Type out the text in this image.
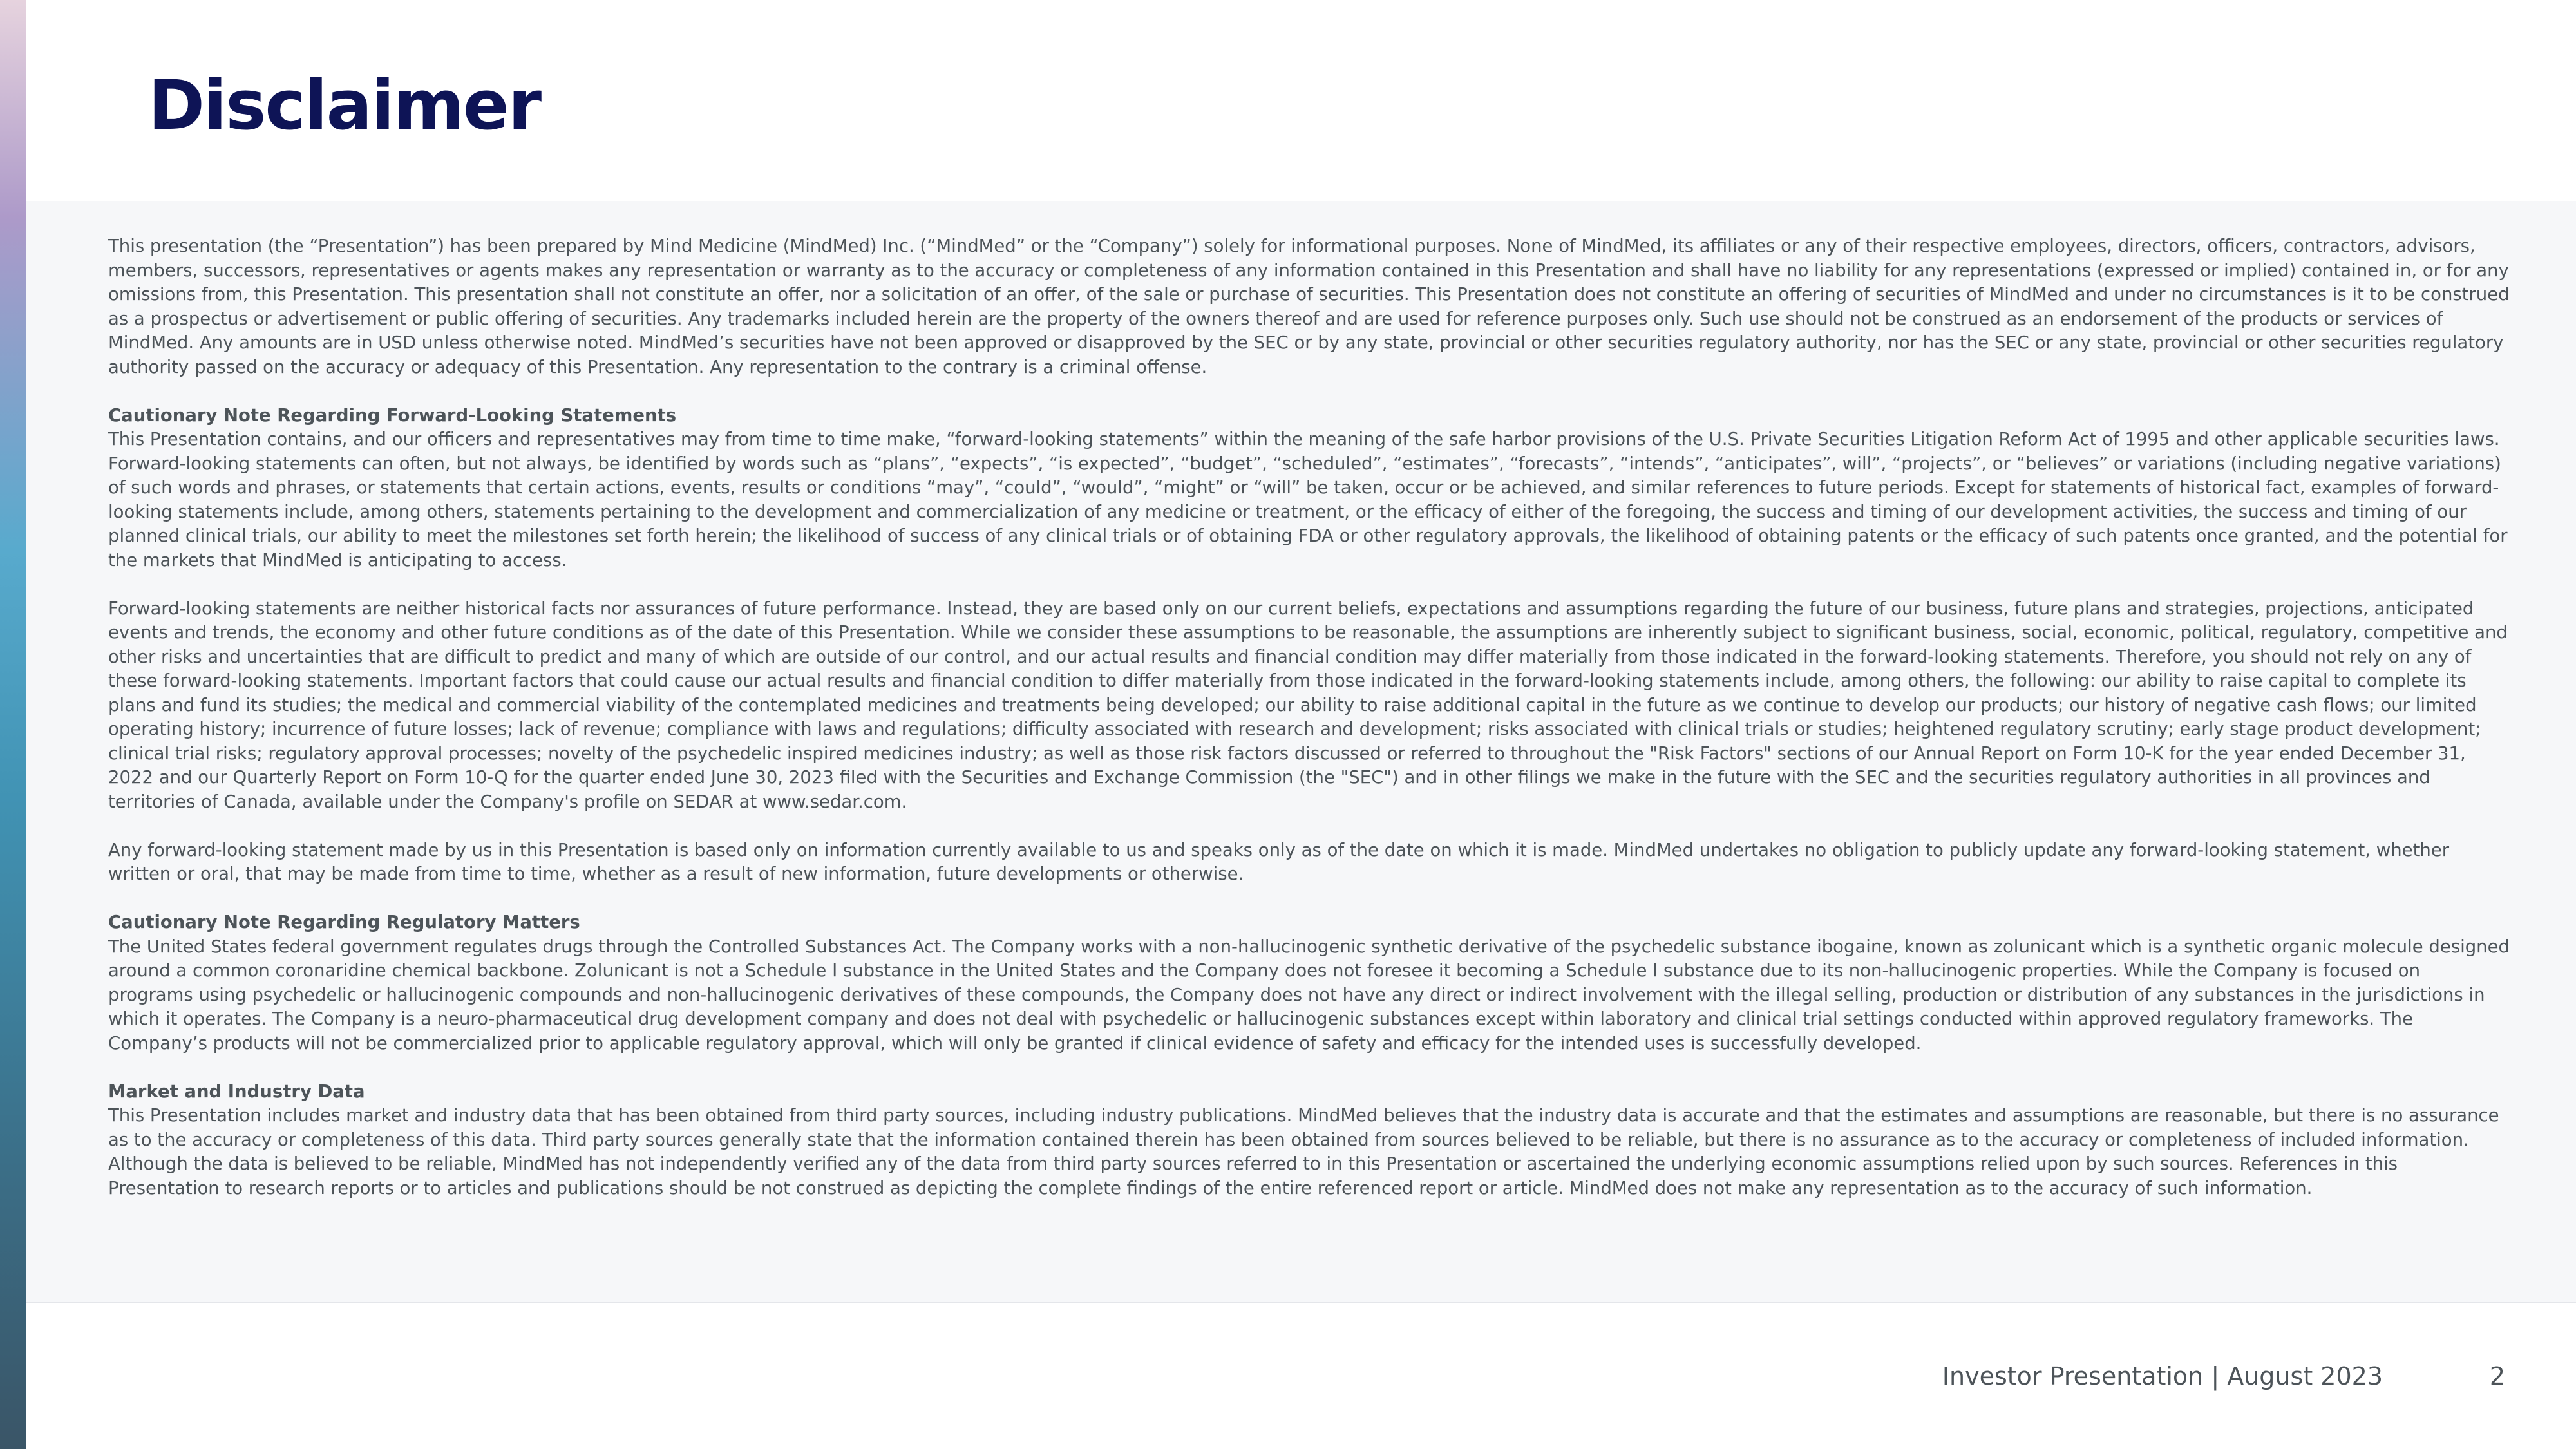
Disclaimer

This presentation (the “Presentation”) has been prepared by Mind Medicine (MindMed) Inc. (“MindMed” or the “Company”) solely for informational purposes. None of MindMed, its affiliates or any of their respective employees, directors, officers, contractors, advisors, members, successors, representatives or agents makes any representation or warranty as to the accuracy or completeness of any information contained in this Presentation and shall have no liability for any representations (expressed or implied) contained in, or for any omissions from, this Presentation. This presentation shall not constitute an offer, nor a solicitation of an offer, of the sale or purchase of securities. This Presentation does not constitute an offering of securities of MindMed and under no circumstances is it to be construed as a prospectus or advertisement or public offering of securities. Any trademarks included herein are the property of the owners thereof and are used for reference purposes only. Such use should not be construed as an endorsement of the products or services of MindMed. Any amounts are in USD unless otherwise noted. MindMed’s securities have not been approved or disapproved by the SEC or by any state, provincial or other securities regulatory authority, nor has the SEC or any state, provincial or other securities regulatory authority passed on the accuracy or adequacy of this Presentation. Any representation to the contrary is a criminal offense.

Cautionary Note Regarding Forward-Looking Statements
This Presentation contains, and our officers and representatives may from time to time make, “forward-looking statements” within the meaning of the safe harbor provisions of the U.S. Private Securities Litigation Reform Act of 1995 and other applicable securities laws. Forward-looking statements can often, but not always, be identified by words such as “plans”, “expects”, “is expected”, “budget”, “scheduled”, “estimates”, “forecasts”, “intends”, “anticipates”, will”, “projects”, or “believes” or variations (including negative variations) of such words and phrases, or statements that certain actions, events, results or conditions “may”, “could”, “would”, “might” or “will” be taken, occur or be achieved, and similar references to future periods. Except for statements of historical fact, examples of forward-looking statements include, among others, statements pertaining to the development and commercialization of any medicine or treatment, or the efficacy of either of the foregoing, the success and timing of our development activities, the success and timing of our planned clinical trials, our ability to meet the milestones set forth herein; the likelihood of success of any clinical trials or of obtaining FDA or other regulatory approvals, the likelihood of obtaining patents or the efficacy of such patents once granted, and the potential for the markets that MindMed is anticipating to access.

Forward-looking statements are neither historical facts nor assurances of future performance. Instead, they are based only on our current beliefs, expectations and assumptions regarding the future of our business, future plans and strategies, projections, anticipated events and trends, the economy and other future conditions as of the date of this Presentation. While we consider these assumptions to be reasonable, the assumptions are inherently subject to significant business, social, economic, political, regulatory, competitive and other risks and uncertainties that are difficult to predict and many of which are outside of our control, and our actual results and financial condition may differ materially from those indicated in the forward-looking statements. Therefore, you should not rely on any of these forward-looking statements. Important factors that could cause our actual results and financial condition to differ materially from those indicated in the forward-looking statements include, among others, the following: our ability to raise capital to complete its plans and fund its studies; the medical and commercial viability of the contemplated medicines and treatments being developed; our ability to raise additional capital in the future as we continue to develop our products; our history of negative cash flows; our limited operating history; incurrence of future losses; lack of revenue; compliance with laws and regulations; difficulty associated with research and development; risks associated with clinical trials or studies; heightened regulatory scrutiny; early stage product development; clinical trial risks; regulatory approval processes; novelty of the psychedelic inspired medicines industry; as well as those risk factors discussed or referred to throughout the "Risk Factors" sections of our Annual Report on Form 10-K for the year ended December 31, 2022 and our Quarterly Report on Form 10-Q for the quarter ended June 30, 2023 filed with the Securities and Exchange Commission (the "SEC") and in other filings we make in the future with the SEC and the securities regulatory authorities in all provinces and territories of Canada, available under the Company's profile on SEDAR at www.sedar.com.

Any forward-looking statement made by us in this Presentation is based only on information currently available to us and speaks only as of the date on which it is made. MindMed undertakes no obligation to publicly update any forward-looking statement, whether written or oral, that may be made from time to time, whether as a result of new information, future developments or otherwise.

Cautionary Note Regarding Regulatory Matters
The United States federal government regulates drugs through the Controlled Substances Act. The Company works with a non-hallucinogenic synthetic derivative of the psychedelic substance ibogaine, known as zolunicant which is a synthetic organic molecule designed around a common coronaridine chemical backbone. Zolunicant is not a Schedule I substance in the United States and the Company does not foresee it becoming a Schedule I substance due to its non-hallucinogenic properties. While the Company is focused on programs using psychedelic or hallucinogenic compounds and non-hallucinogenic derivatives of these compounds, the Company does not have any direct or indirect involvement with the illegal selling, production or distribution of any substances in the jurisdictions in which it operates. The Company is a neuro-pharmaceutical drug development company and does not deal with psychedelic or hallucinogenic substances except within laboratory and clinical trial settings conducted within approved regulatory frameworks. The Company’s products will not be commercialized prior to applicable regulatory approval, which will only be granted if clinical evidence of safety and efficacy for the intended uses is successfully developed.

Market and Industry Data
This Presentation includes market and industry data that has been obtained from third party sources, including industry publications. MindMed believes that the industry data is accurate and that the estimates and assumptions are reasonable, but there is no assurance as to the accuracy or completeness of this data. Third party sources generally state that the information contained therein has been obtained from sources believed to be reliable, but there is no assurance as to the accuracy or completeness of included information. Although the data is believed to be reliable, MindMed has not independently verified any of the data from third party sources referred to in this Presentation or ascertained the underlying economic assumptions relied upon by such sources. References in this Presentation to research reports or to articles and publications should be not construed as depicting the complete findings of the entire referenced report or article. MindMed does not make any representation as to the accuracy of such information.

Investor Presentation | August 2023	2
